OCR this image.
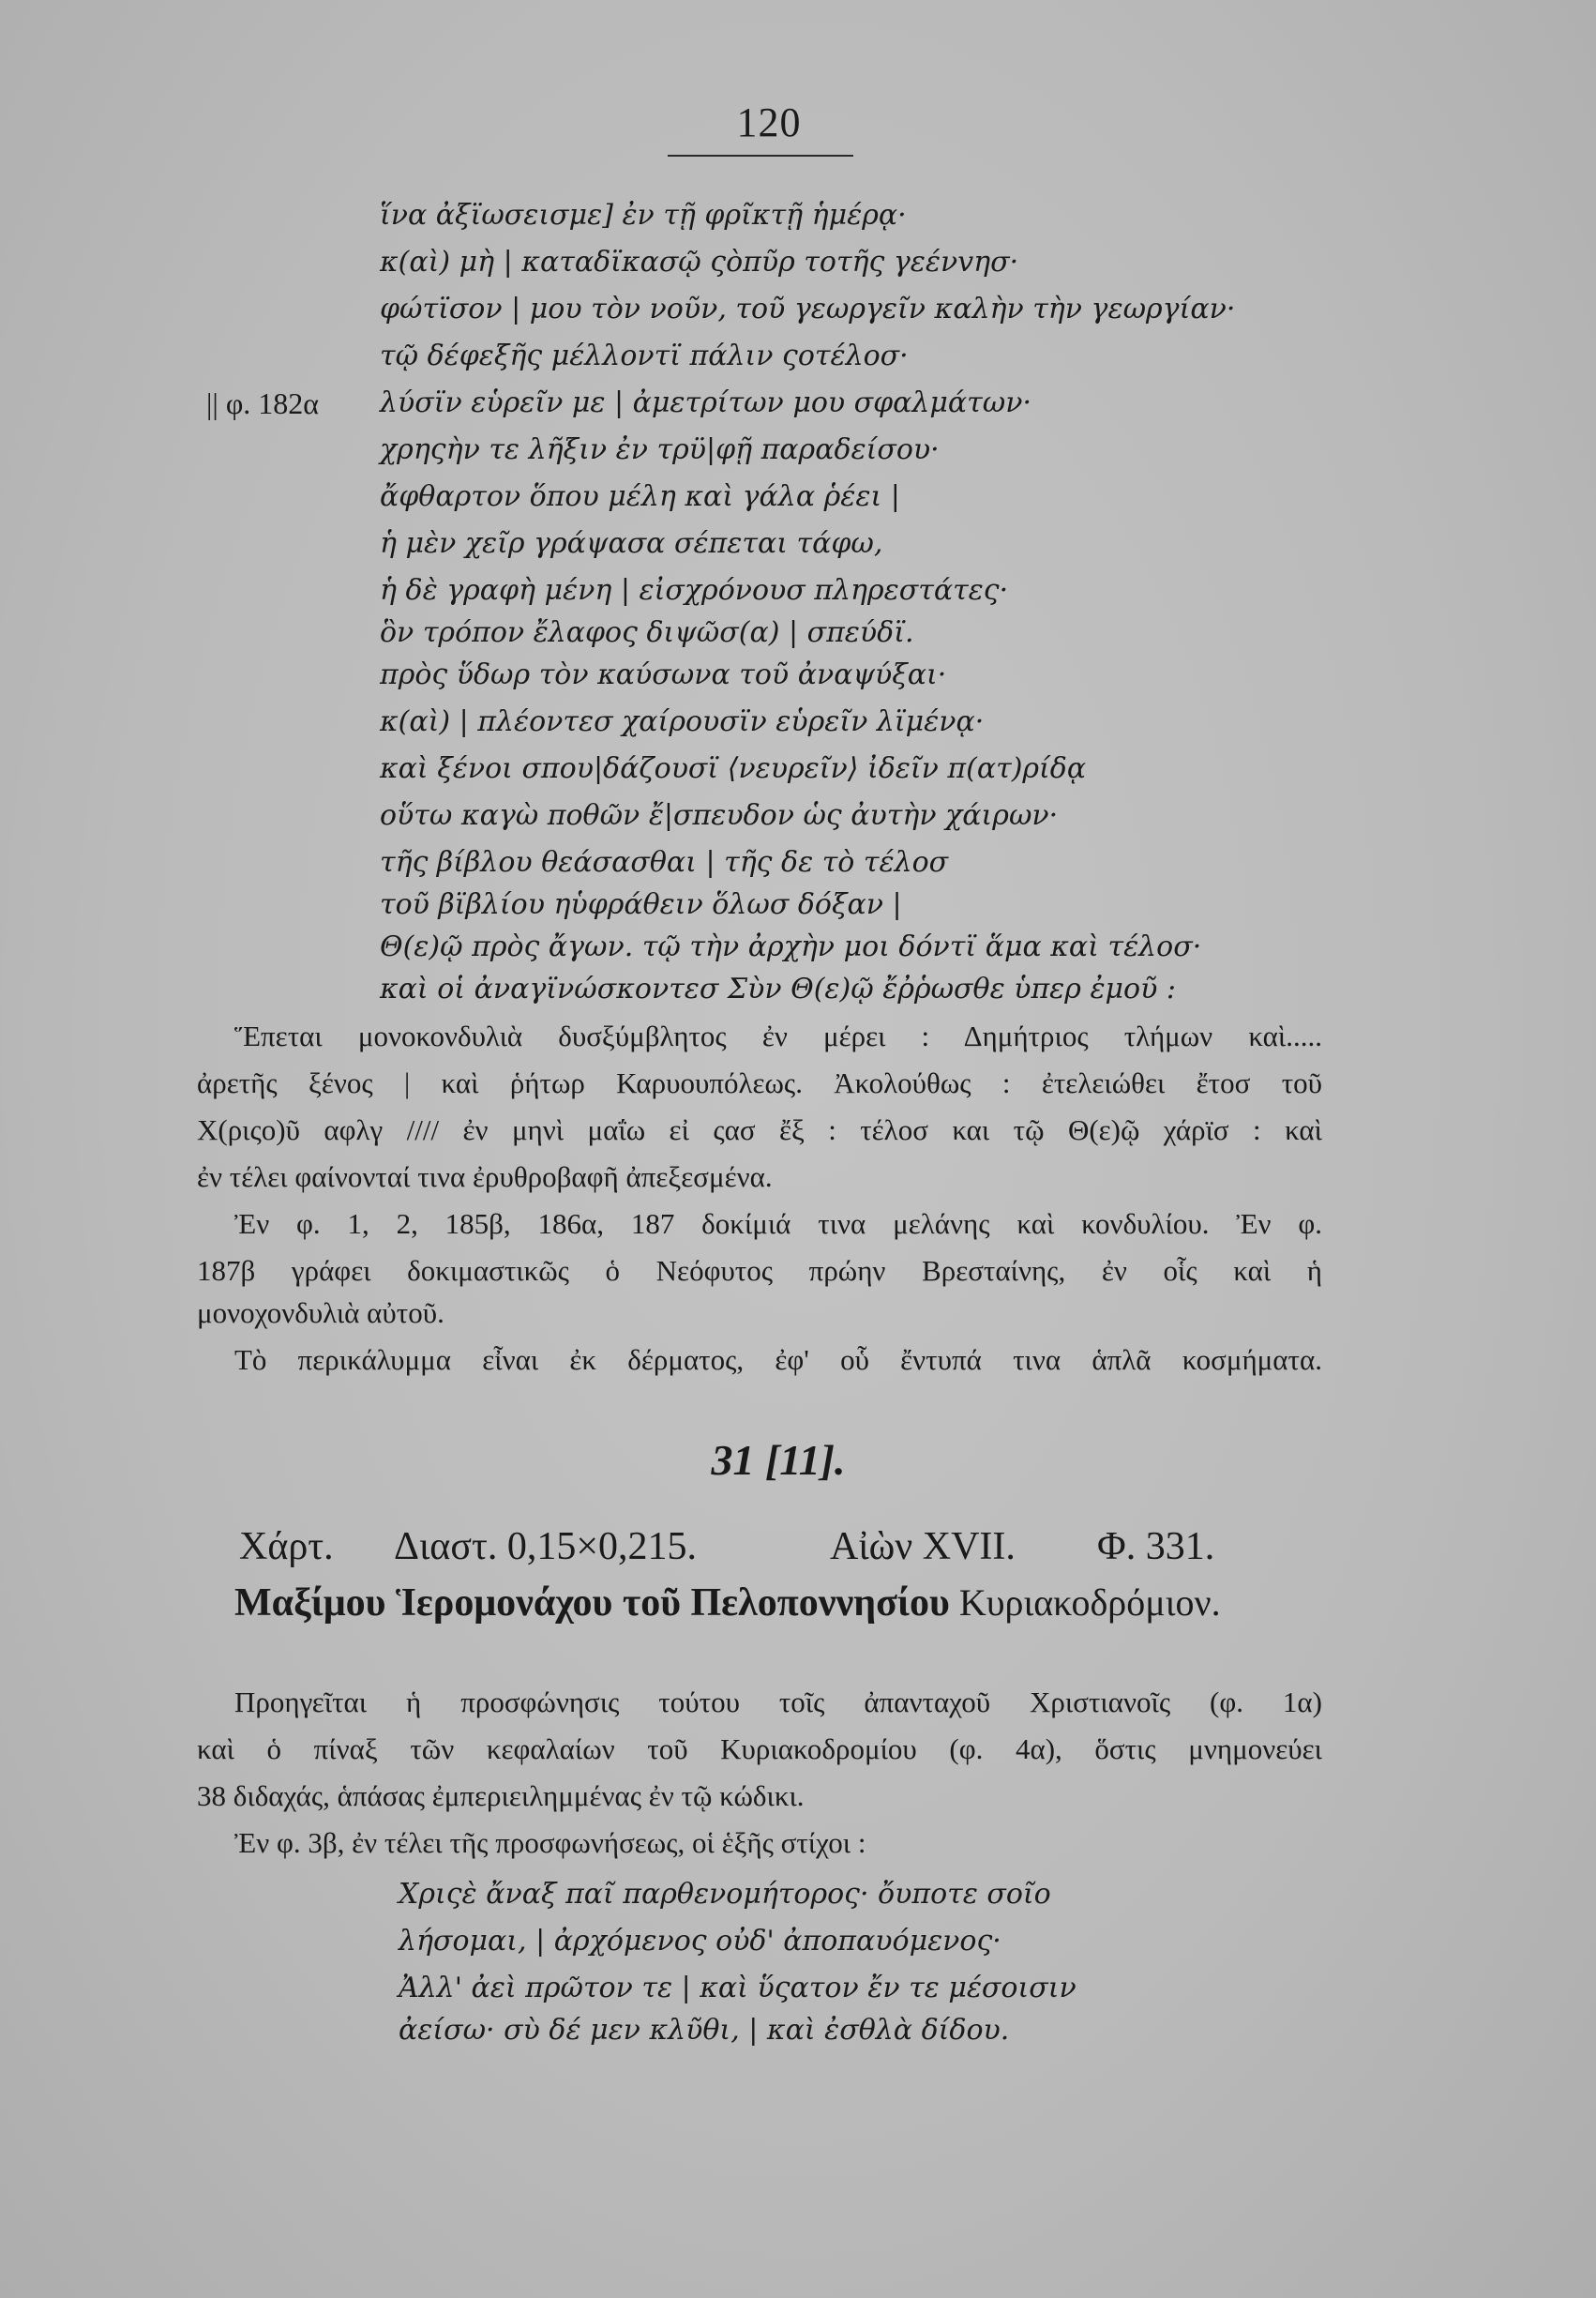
120
|| φ. 182α
ἵνα ἀξϊωσεισμε] ἐν τῇ φρῖκτῇ ἡμέρᾳ·
κ(αὶ) μὴ | καταδϊκασῷ ςὸπῦρ τοτῆς γεένvησ·
φώτϊσον | μου τὸν νοῦν, τοῦ γεωργεῖν καλὴν τὴν γεωργίαν·
τῷ δέφεξῆς μέλλοντϊ πάλιν ςοτέλοσ·
λύσϊν εὑρεῖν με | ἀμετρίτων μου σφαλμάτων·
χρηςὴν τε λῆξιν ἐν τρϋ|φῇ παραδείσου·
ἄφθαρτον ὅπου μέλη καὶ γάλα ῥέει |
ἡ μὲν χεῖρ γράψασα σέπεται τάφω,
ἡ δὲ γραφὴ μένη | εἰσχρόνουσ πληρεστάτες·
ὃν τρόπον ἔλαφος διψῶσ(α) | σπεύδϊ.
πρὸς ὕδωρ τὸν καύσωνα τοῦ ἀναψύξαι·
κ(αὶ) | πλέοντεσ χαίρουσϊν εὑρεῖν λϊμένᾳ·
καὶ ξένοι σπου|δάζουσϊ ⟨νευρεῖν⟩ ἰδεῖν π(ατ)ρίδᾳ
οὕτω καγὼ ποθῶν ἔ|σπευδον ὡς ἀυτὴν χάιρων·
τῆς βίβλου θεάσασθαι | τῆς δε τὸ τέλοσ
τοῦ βϊβλίου ηὑφράθειν ὅλωσ δόξαν |
Θ(ε)ῷ πρὸς ἄγων. τῷ τὴν ἀρχὴν μοι δόντϊ ἅμα καὶ τέλοσ·
καὶ οἱ ἀναγϊνώσκοντεσ Σὺν Θ(ε)ῷ ἔῤῥωσθε ὑπερ ἐμοῦ :
Ἕπεται μονοκονδυλιὰ δυσξύμβλητος ἐν μέρει : Δημήτριος τλήμων καὶ.....
ἀρετῆς ξένος | καὶ ῥήτωρ Καρυουπόλεως. Ἀκολούθως : ἐτελειώθει ἔτοσ τοῦ
Χ(ριςο)ῦ αφλγ //// ἐν μηνὶ μαΐω εἰ ςασ ἔξ : τέλοσ και τῷ Θ(ε)ῷ χάρϊσ : καὶ
ἐν τέλει φαίνονταί τινα ἐρυθροβαφῆ ἀπεξεσμένα.
Ἐν φ. 1, 2, 185β, 186α, 187 δοκίμιά τινα μελάνης καὶ κονδυλίου. Ἐν φ.
187β γράφει δοκιμαστικῶς ὁ Νεόφυτος πρώην Βρεσταίνης, ἐν οἷς καὶ ἡ
μονοχονδυλιὰ αὐτοῦ.
Τὸ περικάλυμμα εἶναι ἐκ δέρματος, ἐφ' οὗ ἔντυπά τινα ἁπλᾶ κοσμήματα.
31 [11].
Χάρτ. Διαστ. 0,15×0,215.	Αἰὼν XVII. Φ. 331.
Μαξίμου Ἱερομονάχου τοῦ Πελοποννησίου Κυριακοδρόμιον.
Προηγεῖται ἡ προσφώνησις τούτου τοῖς ἀπανταχοῦ Χριστιανοῖς (φ. 1α)
καὶ ὁ πίναξ τῶν κεφαλαίων τοῦ Κυριακοδρομίου (φ. 4α), ὅστις μνημονεύει
38 διδαχάς, ἁπάσας ἐμπεριειλημμένας ἐν τῷ κώδικι.
Ἐν φ. 3β, ἐν τέλει τῆς προσφωνήσεως, οἱ ἑξῆς στίχοι :
Χριςὲ ἄναξ παῖ παρθενομήτορος· ὄυποτε σοῖο
λήσομαι, | ἀρχόμενος οὐδ' ἀποπαυόμενος·
Ἀλλ' ἀεὶ πρῶτον τε | καὶ ὕςατον ἔν τε μέσοισιν
ἀείσω· σὺ δέ μεν κλῦθι, | καὶ ἐσθλὰ δίδου.
